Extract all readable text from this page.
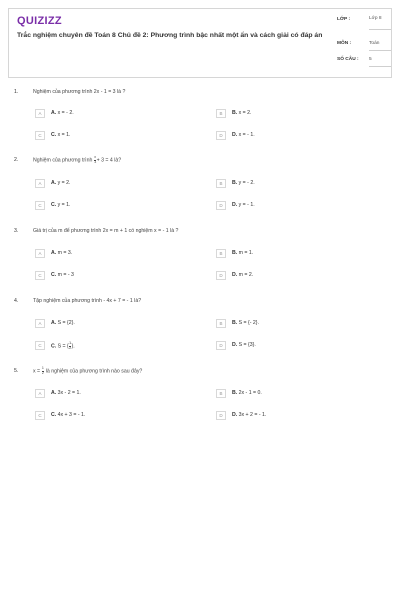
QUIZIZZ
Trắc nghiệm chuyên đề Toán 8 Chủ đề 2: Phương trình bậc nhất một ẩn và cách giải có đáp án
LỚP :	Lớp 8
MÔN :	Toán
SỐ CÂU : 5
1.	Nghiệm của phương trình 2x - 1 = 3 là ?
A	A. x = - 2.	B	B. x = 2.
C	C. x = 1.	D	D. x = - 1.
2.	Nghiệm của phương trình $\frac{x}{3} + 3 = 4$ là?
A	A. y = 2.	B	B. y = - 2.
C	C. y = 1.	D	D. y = - 1.
3.	Giá trị của m để phương trình 2x = m + 1 có nghiệm x = - 1 là ?
A	A. m = 3.	B	B. m = 1.
C	C. m = - 3	D	D. m = 2.
4.	Tập nghiệm của phương trình - 4x + 7 = - 1 là?
A	A. S = {2}.	B	B. S = {- 2}.
C	C. S = { $\frac{1}{2}$ }.	D	D. S = {3}.
5.	$x = \frac{1}{2}$ là nghiệm của phương trình nào sau đây?
A	A. 3x - 2 = 1.	B	B. 2x - 1 = 0.
C	C. 4x + 3 = - 1.	D	D. 3x + 2 = - 1.
